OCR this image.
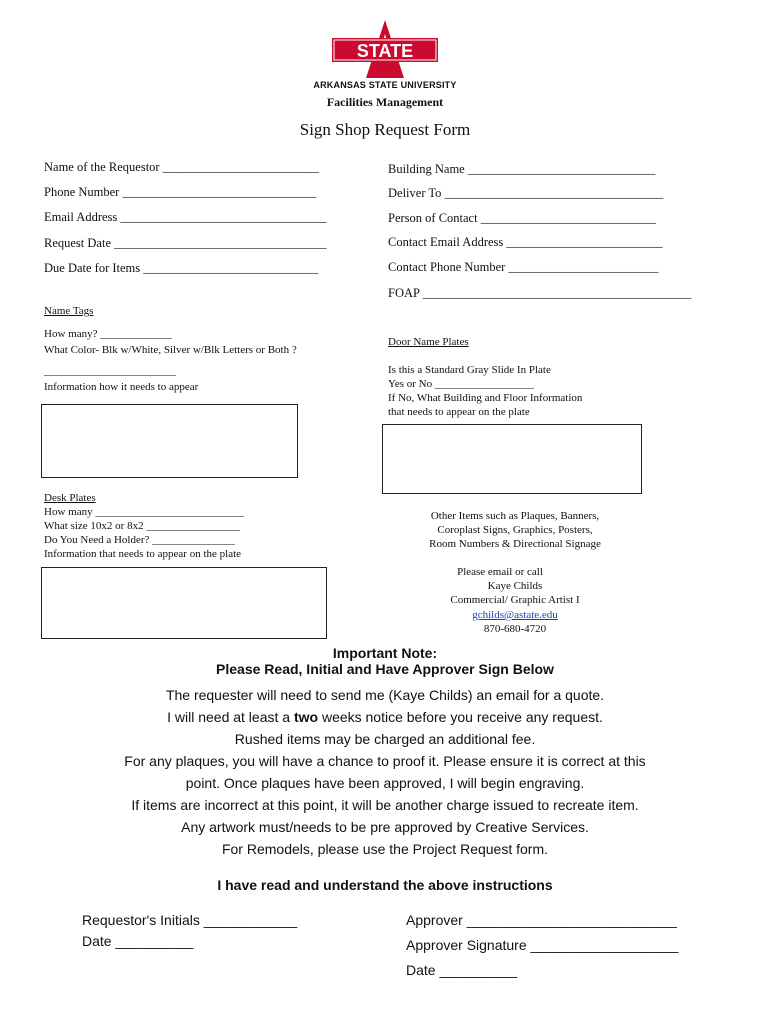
STATE
ARKANSAS STATE UNIVERSITY
Facilities Management
Sign Shop Request Form
Name of the Requestor _________________________
Phone Number _______________________________
Email Address _________________________________
Request Date __________________________________
Due Date for Items ____________________________
Building Name ______________________________
Deliver To ___________________________________
Person of Contact ____________________________
Contact Email Address _________________________
Contact Phone Number ________________________
FOAP ___________________________________________
Name Tags
How many? _____________
What Color- Blk w/White, Silver w/Blk Letters or Both ?
________________________
Information how it needs to appear
Door Name Plates
Is this a Standard Gray Slide In Plate
Yes or No __________________
If No, What Building and Floor Information
that needs to appear on the plate
Desk Plates
How many ___________________________
What size 10x2 or 8x2 _________________
Do You Need a Holder? _______________
Information that needs to appear on the plate
Other Items such as Plaques, Banners,
Coroplast Signs, Graphics, Posters,
Room Numbers & Directional Signage
Please email or call
Kaye Childs
Commercial/ Graphic Artist I
gchilds@astate.edu
870-680-4720
Important Note:
Please Read, Initial and Have Approver Sign Below
The requester will need to send me (Kaye Childs) an email for a quote.
I will need at least a two weeks notice before you receive any request.
Rushed items may be charged an additional fee.
For any plaques, you will have a chance to proof it. Please ensure it is correct at this
point. Once plaques have been approved, I will begin engraving.
If items are incorrect at this point, it will be another charge issued to recreate item.
Any artwork must/needs to be pre approved by Creative Services.
For Remodels, please use the Project Request form.
I have read and understand the above instructions
Requestor's Initials ____________
Date __________
Approver ___________________________
Approver Signature ___________________
Date __________
